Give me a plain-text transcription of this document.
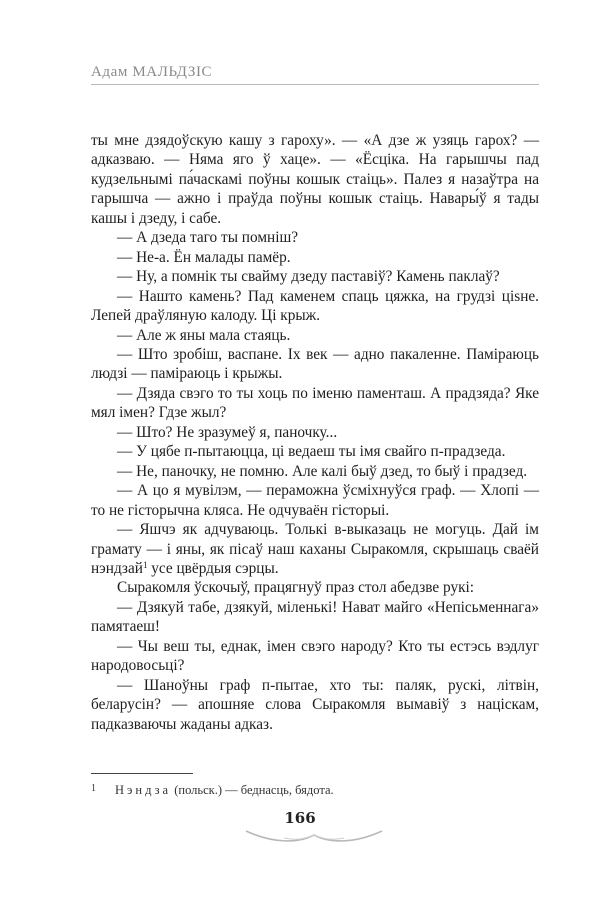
Адам МАЛЬДЗІС

ты мне дзядоўскую кашу з гароху». — «А дзе ж узяць гарох? — адказваю. — Няма яго ў хаце». — «Ёсціка. На гарышчы пад кудзельнымі па́часкамі поўны кошык стаіць». Палез я назаўтра на гарышча — ажно і праўда поўны кошык стаіць. Навары́ў я тады кашы і дзеду, і сабе.

— А дзеда таго ты помніш?

— Не-а. Ён малады памёр.

— Ну, а помнік ты свайму дзеду паставіў? Камень паклаў?

— Нашто камень? Пад каменем спаць цяжка, на грудзі ціsне. Лепей драўляную калоду. Ці крыж.

— Але ж яны мала стаяць.

— Што зробіш, васпане. Іх век — адно пакаленне. Паміраюць людзі — паміраюць і крыжы.

— Дзяда свэго то ты хоць по іменю паменташ. А прадзяда? Яке мял імен? Гдзе жыл?

— Што? Не зразумеў я, паночку...

— У цябе п-пытаюцца, ці ведаеш ты імя свайго п-прадзеда.

— Не, паночку, не помню. Але калі быў дзед, то быў і прадзед.

— А цо я мувілэм, — пераможна ўсміхнуўся граф. — Хлопі — то не гісторычна кляса. Не одчуваён гісторыі.

— Яшчэ як адчуваюць. Толькі в-выказаць не могуць. Дай ім грамату — і яны, як пісаў наш каханы Сыракомля, скрышаць сваёй нэндзай$^1$ усе цвёрдыя сэрцы.

Сыракомля ўскочыў, працягнуў праз стол абедзве рукі:

— Дзякуй табе, дзякуй, міленькі! Нават майго «Непісьменнага» памятаеш!

— Чы веш ты, еднак, імен свэго народу? Кто ты естэсь вэдлуг народовосьці?

— Шаноўны граф п-пытае, хто ты: паляк, рускі, літвін, беларусін? — апошняе слова Сыракомля вымавіў з націскам, падказваючы жаданы адказ.

1 Нэндза (польск.) — беднасць, бядота.
166
